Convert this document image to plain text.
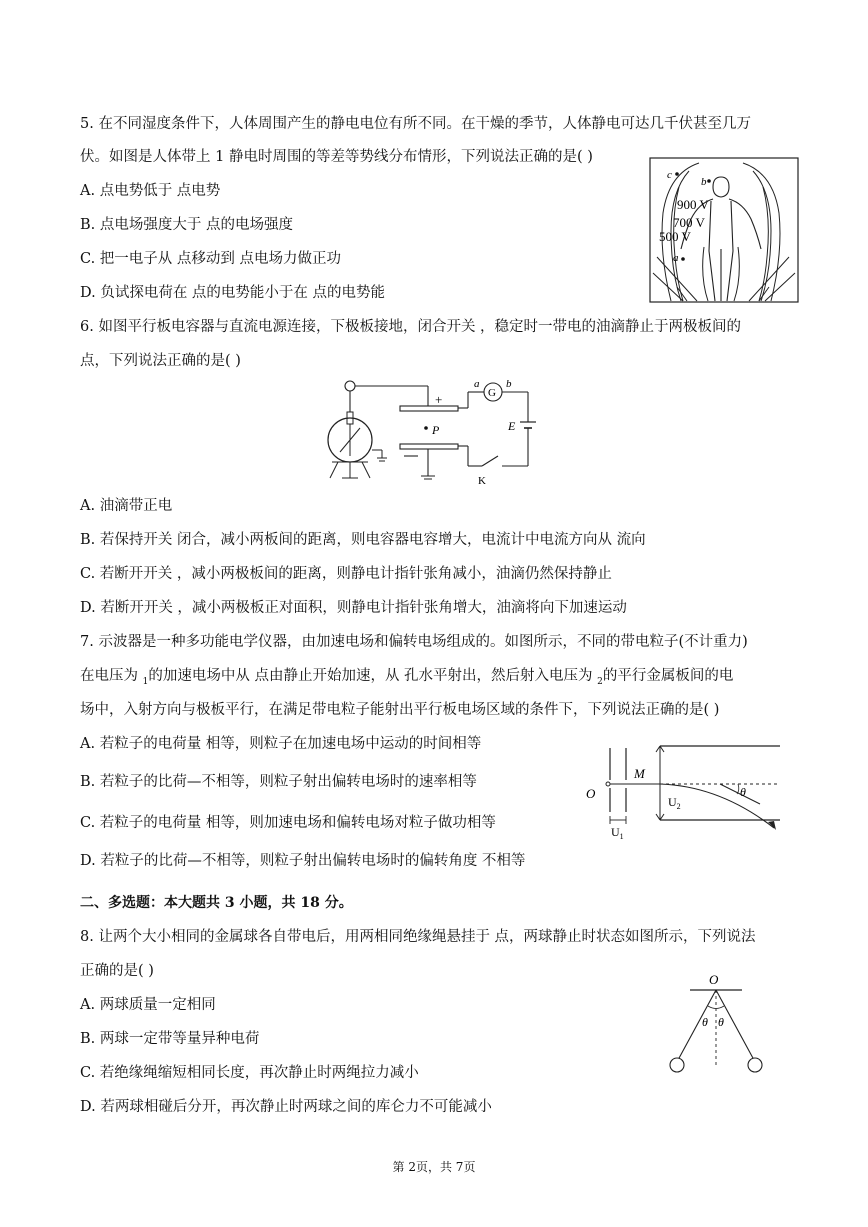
5. 在不同湿度条件下，人体周围产生的静电电位有所不同。在干燥的季节，人体静电可达几千伏甚至几万
伏。如图是人体带上 1 静电时周围的等差等势线分布情形，下列说法正确的是( )
A. 点电势低于 点电势
B. 点电场强度大于 点的电场强度
C. 把一电子从 点移动到 点电场力做正功
D. 负试探电荷在 点的电势能小于在 点的电势能
c
b
a
900 V
700 V
500 V
6. 如图平行板电容器与直流电源连接，下极板接地，闭合开关 ，稳定时一带电的油滴静止于两极板间的
点，下列说法正确的是( )
+
P
G
a b
E
K
A. 油滴带正电
B. 若保持开关 闭合，减小两板间的距离，则电容器电容增大，电流计中电流方向从 流向
C. 若断开开关 ，减小两极板间的距离，则静电计指针张角减小，油滴仍然保持静止
D. 若断开开关 ，减小两极板正对面积，则静电计指针张角增大，油滴将向下加速运动
7. 示波器是一种多功能电学仪器，由加速电场和偏转电场组成的。如图所示，不同的带电粒子(不计重力)
在电压为 $_1$的加速电场中从 点由静止开始加速，从 孔水平射出，然后射入电压为 $_2$的平行金属板间的电
场中，入射方向与极板平行，在满足带电粒子能射出平行板电场区域的条件下，下列说法正确的是( )
A. 若粒子的电荷量 相等，则粒子在加速电场中运动的时间相等
B. 若粒子的比荷—不相等，则粒子射出偏转电场时的速率相等
C. 若粒子的电荷量 相等，则加速电场和偏转电场对粒子做功相等
D. 若粒子的比荷—不相等，则粒子射出偏转电场时的偏转角度 不相等
O
M
$U_2$
θ
$U_1$
二、多选题：本大题共 3 小题，共 18 分。
8. 让两个大小相同的金属球各自带电后，用两相同绝缘绳悬挂于 点，两球静止时状态如图所示，下列说法
正确的是( )
A. 两球质量一定相同
B. 两球一定带等量异种电荷
C. 若绝缘绳缩短相同长度，再次静止时两绳拉力减小
D. 若两球相碰后分开，再次静止时两球之间的库仑力不可能减小
O
θ θ
第 2页，共 7页
